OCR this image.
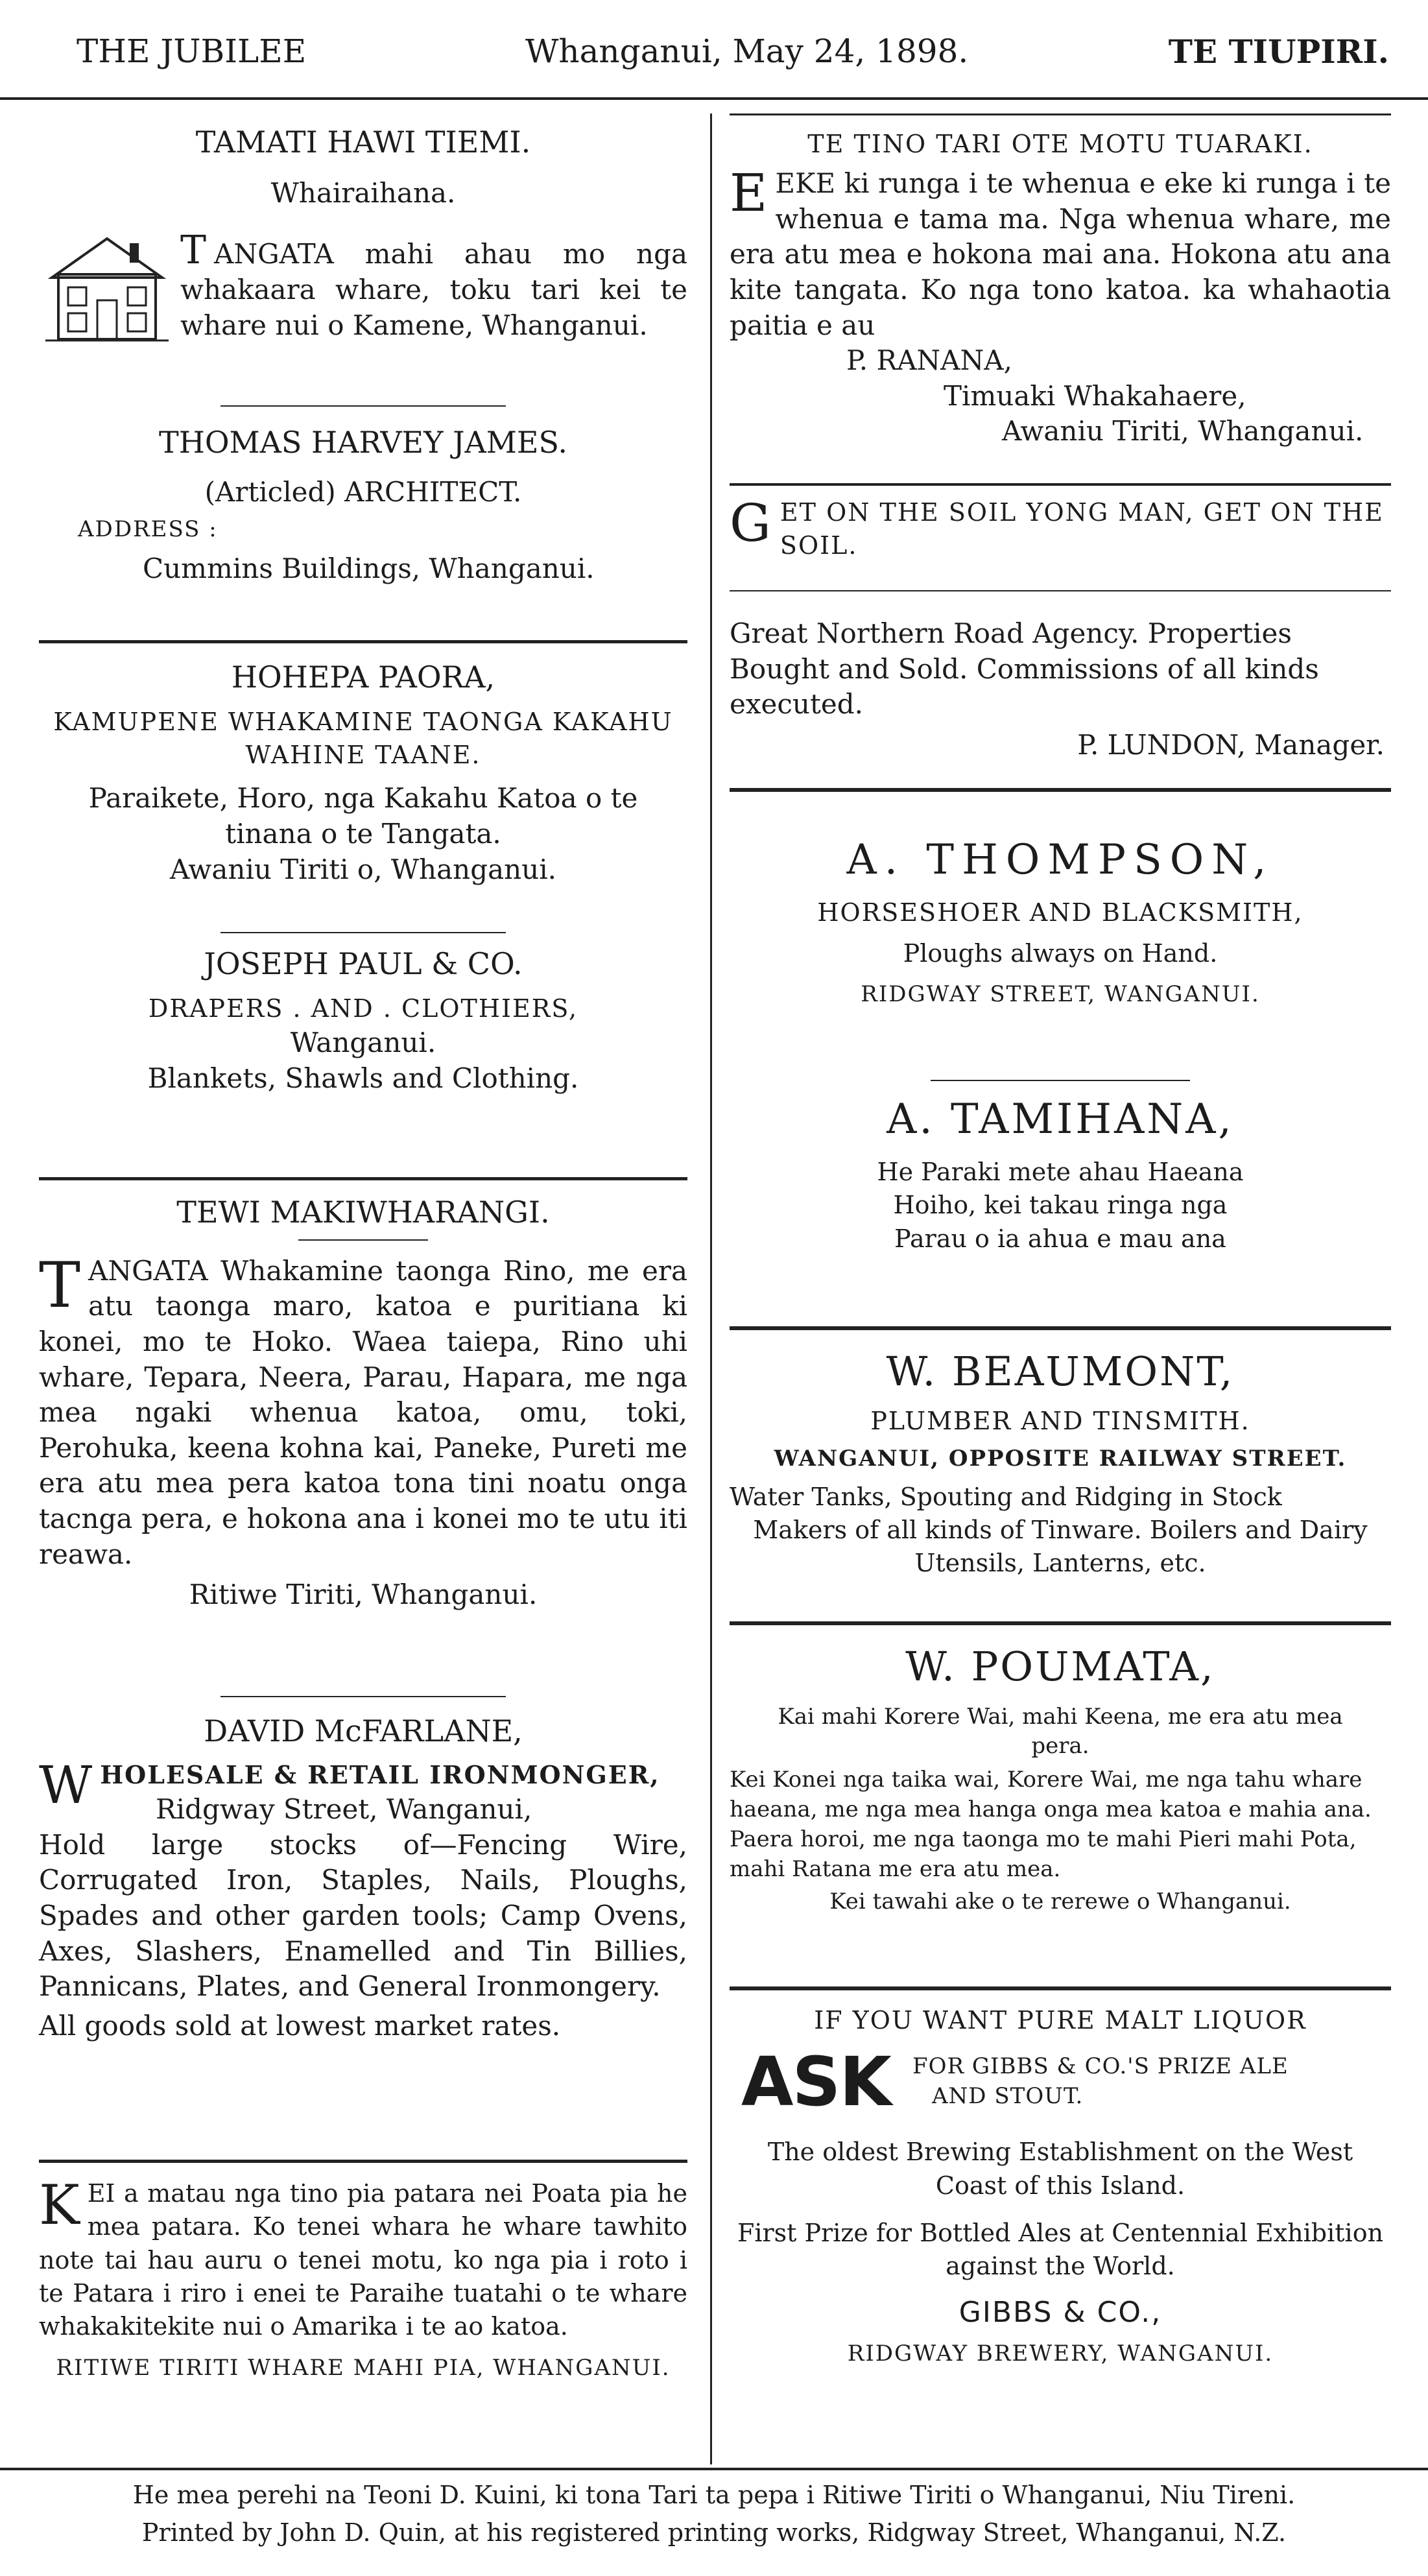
THE JUBILEE	Whanganui, May 24, 1898.	TE TIUPIRI.
TAMATI HAWI TIEMI.
Whairaihana.
T ANGATA mahi ahau mo nga whakaara whare, toku tari kei te whare nui o Kamene, Whanganui.
THOMAS HARVEY JAMES.
(Articled) ARCHITECT.
ADDRESS :
Cummins Buildings, Whanganui.
HOHEPA PAORA,
KAMUPENE WHAKAMINE TAONGA KAKAHU
WAHINE TAANE.
Paraikete, Horo, nga Kakahu Katoa o te tinana o te Tangata.
Awaniu Tiriti o, Whanganui.
JOSEPH PAUL & CO.
DRAPERS . AND . CLOTHIERS,
Wanganui.
Blankets, Shawls and Clothing.
TEWI MAKIWHARANGI.
TANGATA Whakamine taonga Rino, me era atu taonga maro, katoa e puritiana ki konei, mo te Hoko. Waea taiepa, Rino uhi whare, Tepara, Neera, Parau, Hapara, me nga mea ngaki whenua katoa, omu, toki, Perohuka, keena kohna kai, Paneke, Pureti me era atu mea pera katoa tona tini noatu onga tacnga pera, e hokona ana i konei mo te utu iti reawa.
Ritiwe Tiriti, Whanganui.
DAVID McFARLANE,
WHOLESALE & RETAIL IRONMONGER,
Ridgway Street, Wanganui,
Hold large stocks of—Fencing Wire, Corrugated Iron, Staples, Nails, Ploughs, Spades and other garden tools; Camp Ovens, Axes, Slashers, Enamelled and Tin Billies, Pannicans, Plates, and General Ironmongery.
All goods sold at lowest market rates.
KEI a matau nga tino pia patara nei Poata pia he mea patara. Ko tenei whara he whare tawhito note tai hau auru o tenei motu, ko nga pia i roto i te Patara i riro i enei te Paraihe tuatahi o te whare whakakitekite nui o Amarika i te ao katoa.
RITIWE TIRITI WHARE MAHI PIA, WHANGANUI.
TE TINO TARI OTE MOTU TUARAKI.
EEKE ki runga i te whenua e eke ki runga i te whenua e tama ma. Nga whenua whare, me era atu mea e hokona mai ana. Hokona atu ana kite tangata. Ko nga tono katoa. ka whahaotia paitia e au
P. RANANA,
Timuaki Whakahaere,
Awaniu Tiriti, Whanganui.
GET ON THE SOIL YONG MAN, GET ON THE SOIL.
Great Northern Road Agency. Properties Bought and Sold. Commissions of all kinds executed.
P. LUNDON, Manager.
A. THOMPSON,
HORSESHOER AND BLACKSMITH,
Ploughs always on Hand.
RIDGWAY STREET, WANGANUI.
A. TAMIHANA,
He Paraki mete ahau Haeana Hoiho, kei takau ringa nga Parau o ia ahua e mau ana
W. BEAUMONT,
PLUMBER AND TINSMITH.
WANGANUI, OPPOSITE RAILWAY STREET.
Water Tanks, Spouting and Ridging in Stock
Makers of all kinds of Tinware. Boilers and Dairy Utensils, Lanterns, etc.
W. POUMATA,
Kai mahi Korere Wai, mahi Keena, me era atu mea pera.
Kei Konei nga taika wai, Korere Wai, me nga tahu whare haeana, me nga mea hanga onga mea katoa e mahia ana. Paera horoi, me nga taonga mo te mahi Pieri mahi Pota, mahi Ratana me era atu mea.
Kei tawahi ake o te rerewe o Whanganui.
IF YOU WANT PURE MALT LIQUOR
ASK FOR GIBBS & CO.'S PRIZE ALE
AND STOUT.
The oldest Brewing Establishment on the West Coast of this Island.
First Prize for Bottled Ales at Centennial Exhibition against the World.
GIBBS & CO.,
RIDGWAY BREWERY, WANGANUI.
He mea perehi na Teoni D. Kuini, ki tona Tari ta pepa i Ritiwe Tiriti o Whanganui, Niu Tireni.
Printed by John D. Quin, at his registered printing works, Ridgway Street, Whanganui, N.Z.
